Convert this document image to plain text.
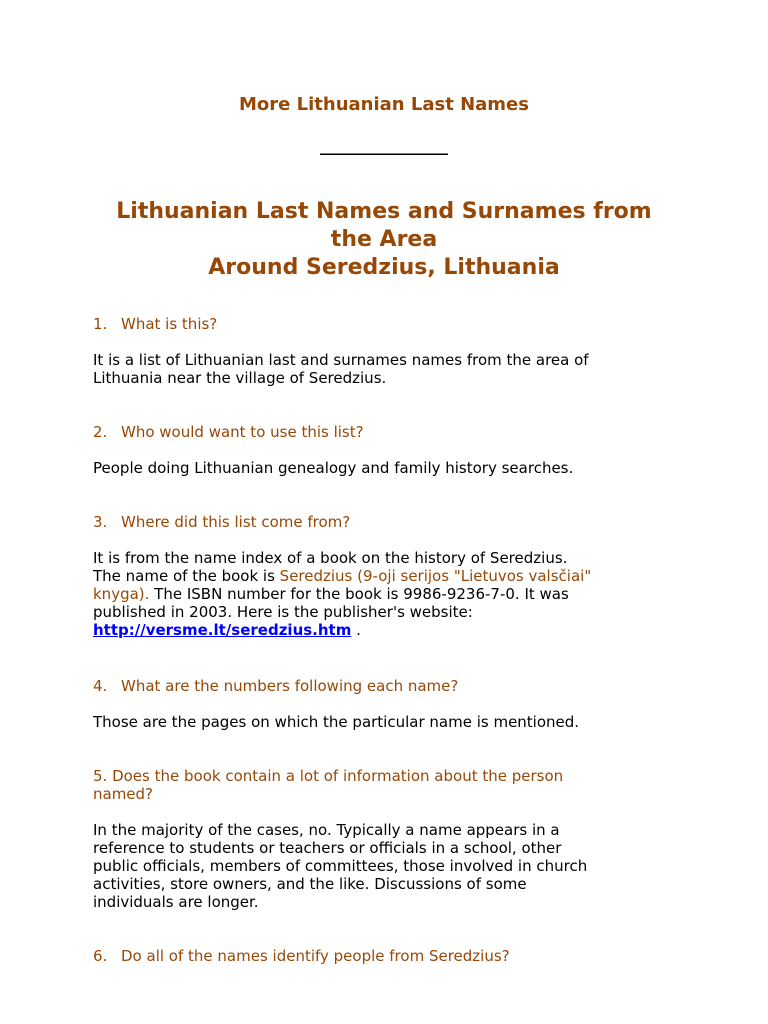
More Lithuanian Last Names
________________
Lithuanian Last Names and Surnames from
the Area
Around Seredzius, Lithuania
1. What is this?
It is a list of Lithuanian last and surnames names from the area of
Lithuania near the village of Seredzius.
2. Who would want to use this list?
People doing Lithuanian genealogy and family history searches.
3. Where did this list come from?
It is from the name index of a book on the history of Seredzius.
The name of the book is Seredzius (9-oji serijos "Lietuvos valsčiai"
knyga). The ISBN number for the book is 9986-9236-7-0. It was
published in 2003. Here is the publisher's website:
http://versme.lt/seredzius.htm .
4. What are the numbers following each name?
Those are the pages on which the particular name is mentioned.
5. Does the book contain a lot of information about the person
named?
In the majority of the cases, no. Typically a name appears in a
reference to students or teachers or officials in a school, other
public officials, members of committees, those involved in church
activities, store owners, and the like. Discussions of some
individuals are longer.
6. Do all of the names identify people from Seredzius?
